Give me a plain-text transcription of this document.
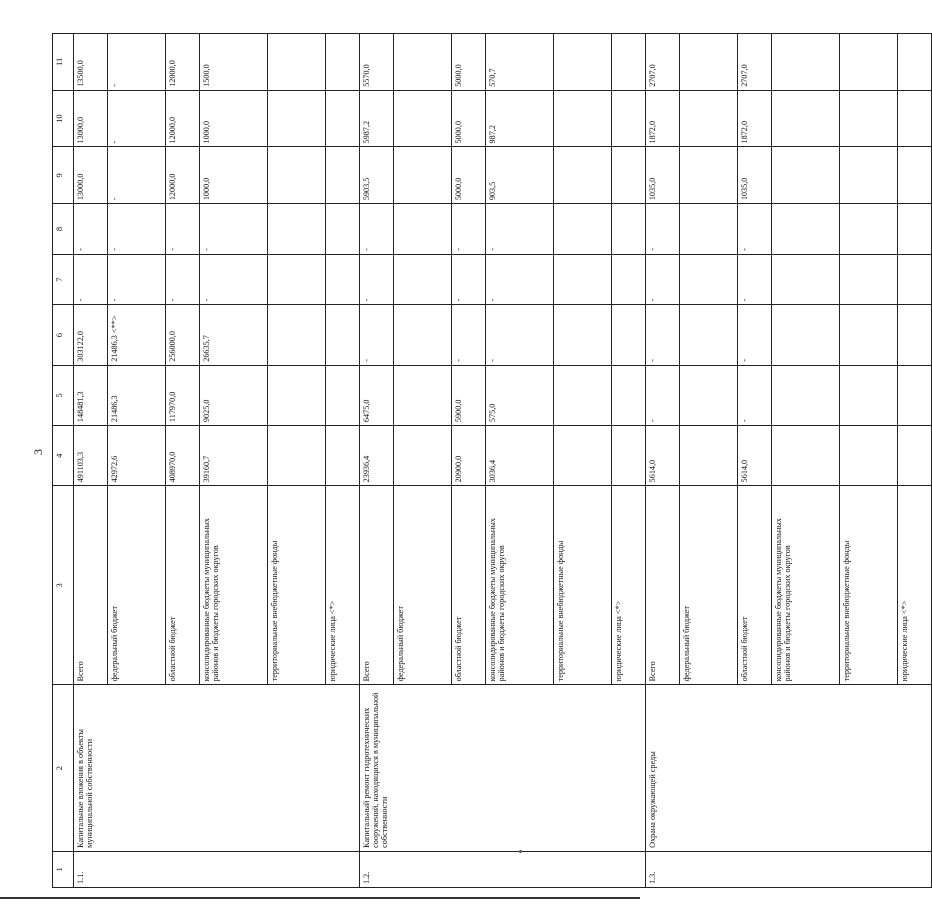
3
1	2	3	4	5	6	7	8	9	10	11
1.1.	Капитальные вложения в объекты муниципальной собственности	Всего	491103,3	148481,3	303122,0	-	-	13000,0	13000,0	13500,0
		федеральный бюджет	42972,6	21486,3	21486,3 <**>	-	-	-	-	-
		областной бюджет	408970,0	117970,0	256000,0	-	-	12000,0	12000,0	12000,0
		консолидированные бюджеты муниципальных районов и бюджеты городских округов	39160,7	9025,0	26635,7	-	-	1000,0	1000,0	1500,0
		территориальные внебюджетные фонды								
		юридические лица <*>								
1.2.	Капитальный ремонт гидротехнических сооружений, находящихся в муниципальной собственности	Всего	23936,4	6475,0	-	-	-	5903,5	5987,2	5570,0
		федеральный бюджет								
		областной бюджет	20900,0	5900,0	-	-	-	5000,0	5000,0	5000,0
		консолидированные бюджеты муниципальных районов и бюджеты городских округов	3036,4	575,0	-	-	-	903,5	987,2	570,7
		территориальные внебюджетные фонды								
		юридические лица <*>								
1.3.	Охрана окружающей среды	Всего	5614,0	-	-	-	-	1035,0	1872,0	2707,0
		федеральный бюджет								
		областной бюджет	5614,0	-	-	-	-	1035,0	1872,0	2707,0
		консолидированные бюджеты муниципальных районов и бюджеты городских округов								
		территориальные внебюджетные фонды								
		юридические лица <*>								
